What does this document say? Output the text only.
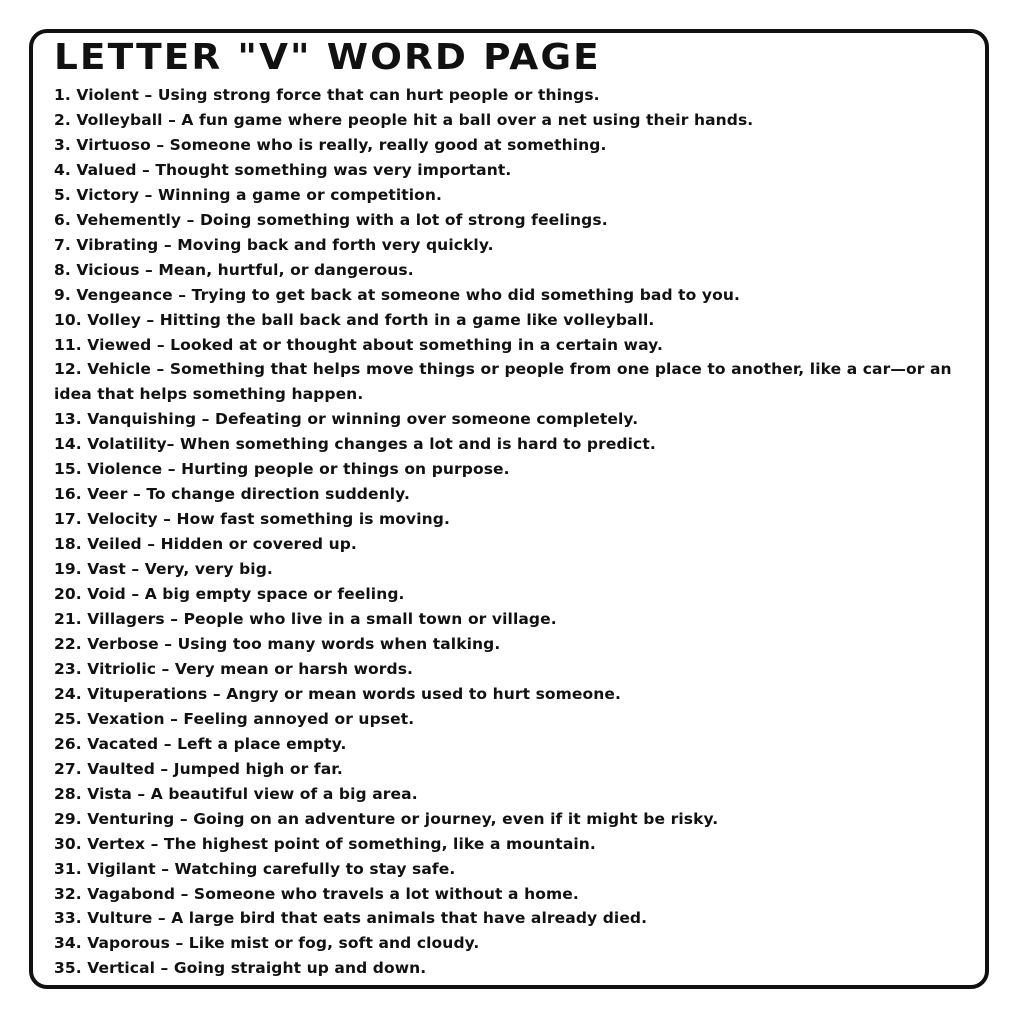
LETTER "V" WORD PAGE
1. Violent – Using strong force that can hurt people or things.
2. Volleyball – A fun game where people hit a ball over a net using their hands.
3. Virtuoso – Someone who is really, really good at something.
4. Valued – Thought something was very important.
5. Victory – Winning a game or competition.
6. Vehemently – Doing something with a lot of strong feelings.
7. Vibrating – Moving back and forth very quickly.
8. Vicious – Mean, hurtful, or dangerous.
9. Vengeance – Trying to get back at someone who did something bad to you.
10. Volley – Hitting the ball back and forth in a game like volleyball.
11. Viewed – Looked at or thought about something in a certain way.
12. Vehicle – Something that helps move things or people from one place to another, like a car—or an idea that helps something happen.
13. Vanquishing – Defeating or winning over someone completely.
14. Volatility– When something changes a lot and is hard to predict.
15. Violence – Hurting people or things on purpose.
16. Veer – To change direction suddenly.
17. Velocity – How fast something is moving.
18. Veiled – Hidden or covered up.
19. Vast – Very, very big.
20. Void – A big empty space or feeling.
21. Villagers – People who live in a small town or village.
22. Verbose – Using too many words when talking.
23. Vitriolic – Very mean or harsh words.
24. Vituperations – Angry or mean words used to hurt someone.
25. Vexation – Feeling annoyed or upset.
26. Vacated – Left a place empty.
27. Vaulted – Jumped high or far.
28. Vista – A beautiful view of a big area.
29. Venturing – Going on an adventure or journey, even if it might be risky.
30. Vertex – The highest point of something, like a mountain.
31. Vigilant – Watching carefully to stay safe.
32. Vagabond – Someone who travels a lot without a home.
33. Vulture – A large bird that eats animals that have already died.
34. Vaporous – Like mist or fog, soft and cloudy.
35. Vertical – Going straight up and down.
